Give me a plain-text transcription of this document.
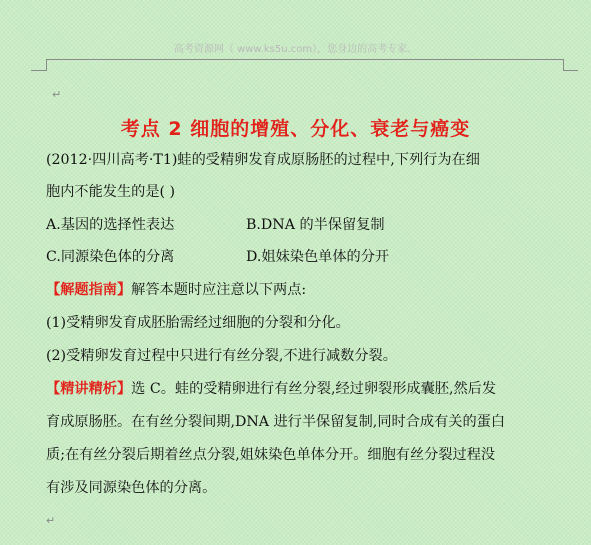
高考资源网（ www.ks5u.com），您身边的高考专家。
↵
考点 2 细胞的增殖、分化、衰老与癌变
(2012·四川高考·T1)蛙的受精卵发育成原肠胚的过程中,下列行为在细
胞内不能发生的是( )
A.基因的选择性表达	B.DNA 的半保留复制
C.同源染色体的分离	D.姐妹染色单体的分开
【解题指南】解答本题时应注意以下两点:
(1)受精卵发育成胚胎需经过细胞的分裂和分化。
(2)受精卵发育过程中只进行有丝分裂,不进行减数分裂。
【精讲精析】选 C。蛙的受精卵进行有丝分裂,经过卵裂形成囊胚,然后发
育成原肠胚。在有丝分裂间期,DNA 进行半保留复制,同时合成有关的蛋白
质;在有丝分裂后期着丝点分裂,姐妹染色单体分开。细胞有丝分裂过程没
有涉及同源染色体的分离。
↵
